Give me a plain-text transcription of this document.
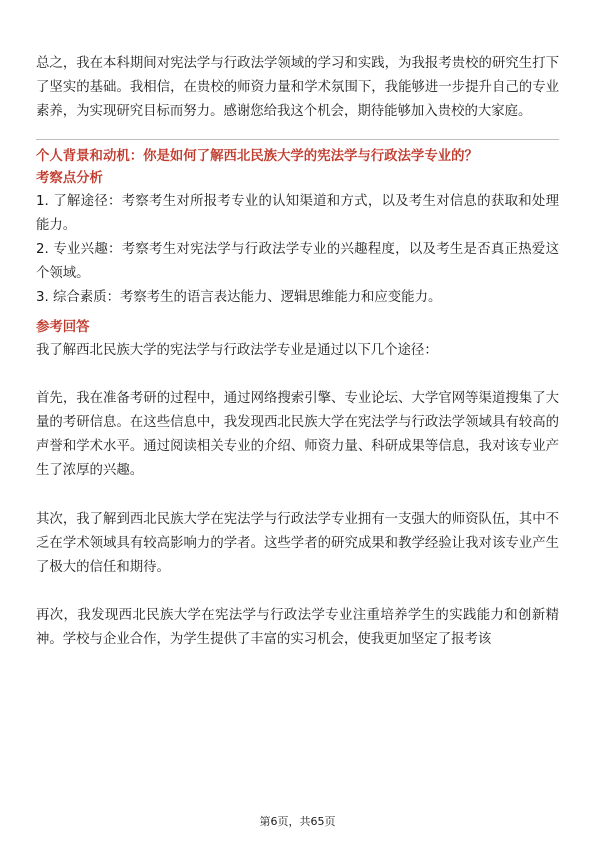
总之，我在本科期间对宪法学与行政法学领域的学习和实践，为我报考贵校的研究生打下了坚实的基础。我相信，在贵校的师资力量和学术氛围下，我能够进一步提升自己的专业素养，为实现研究目标而努力。感谢您给我这个机会，期待能够加入贵校的大家庭。

个人背景和动机：你是如何了解西北民族大学的宪法学与行政法学专业的？
考察点分析

1. 了解途径：考察考生对所报考专业的认知渠道和方式，以及考生对信息的获取和处理能力。

2. 专业兴趣：考察考生对宪法学与行政法学专业的兴趣程度，以及考生是否真正热爱这个领域。

3. 综合素质：考察考生的语言表达能力、逻辑思维能力和应变能力。

参考回答

我了解西北民族大学的宪法学与行政法学专业是通过以下几个途径：

首先，我在准备考研的过程中，通过网络搜索引擎、专业论坛、大学官网等渠道搜集了大量的考研信息。在这些信息中，我发现西北民族大学在宪法学与行政法学领域具有较高的声誉和学术水平。通过阅读相关专业的介绍、师资力量、科研成果等信息，我对该专业产生了浓厚的兴趣。

其次，我了解到西北民族大学在宪法学与行政法学专业拥有一支强大的师资队伍，其中不乏在学术领域具有较高影响力的学者。这些学者的研究成果和教学经验让我对该专业产生了极大的信任和期待。

再次，我发现西北民族大学在宪法学与行政法学专业注重培养学生的实践能力和创新精神。学校与企业合作，为学生提供了丰富的实习机会，使我更加坚定了报考该

第6页，共65页
